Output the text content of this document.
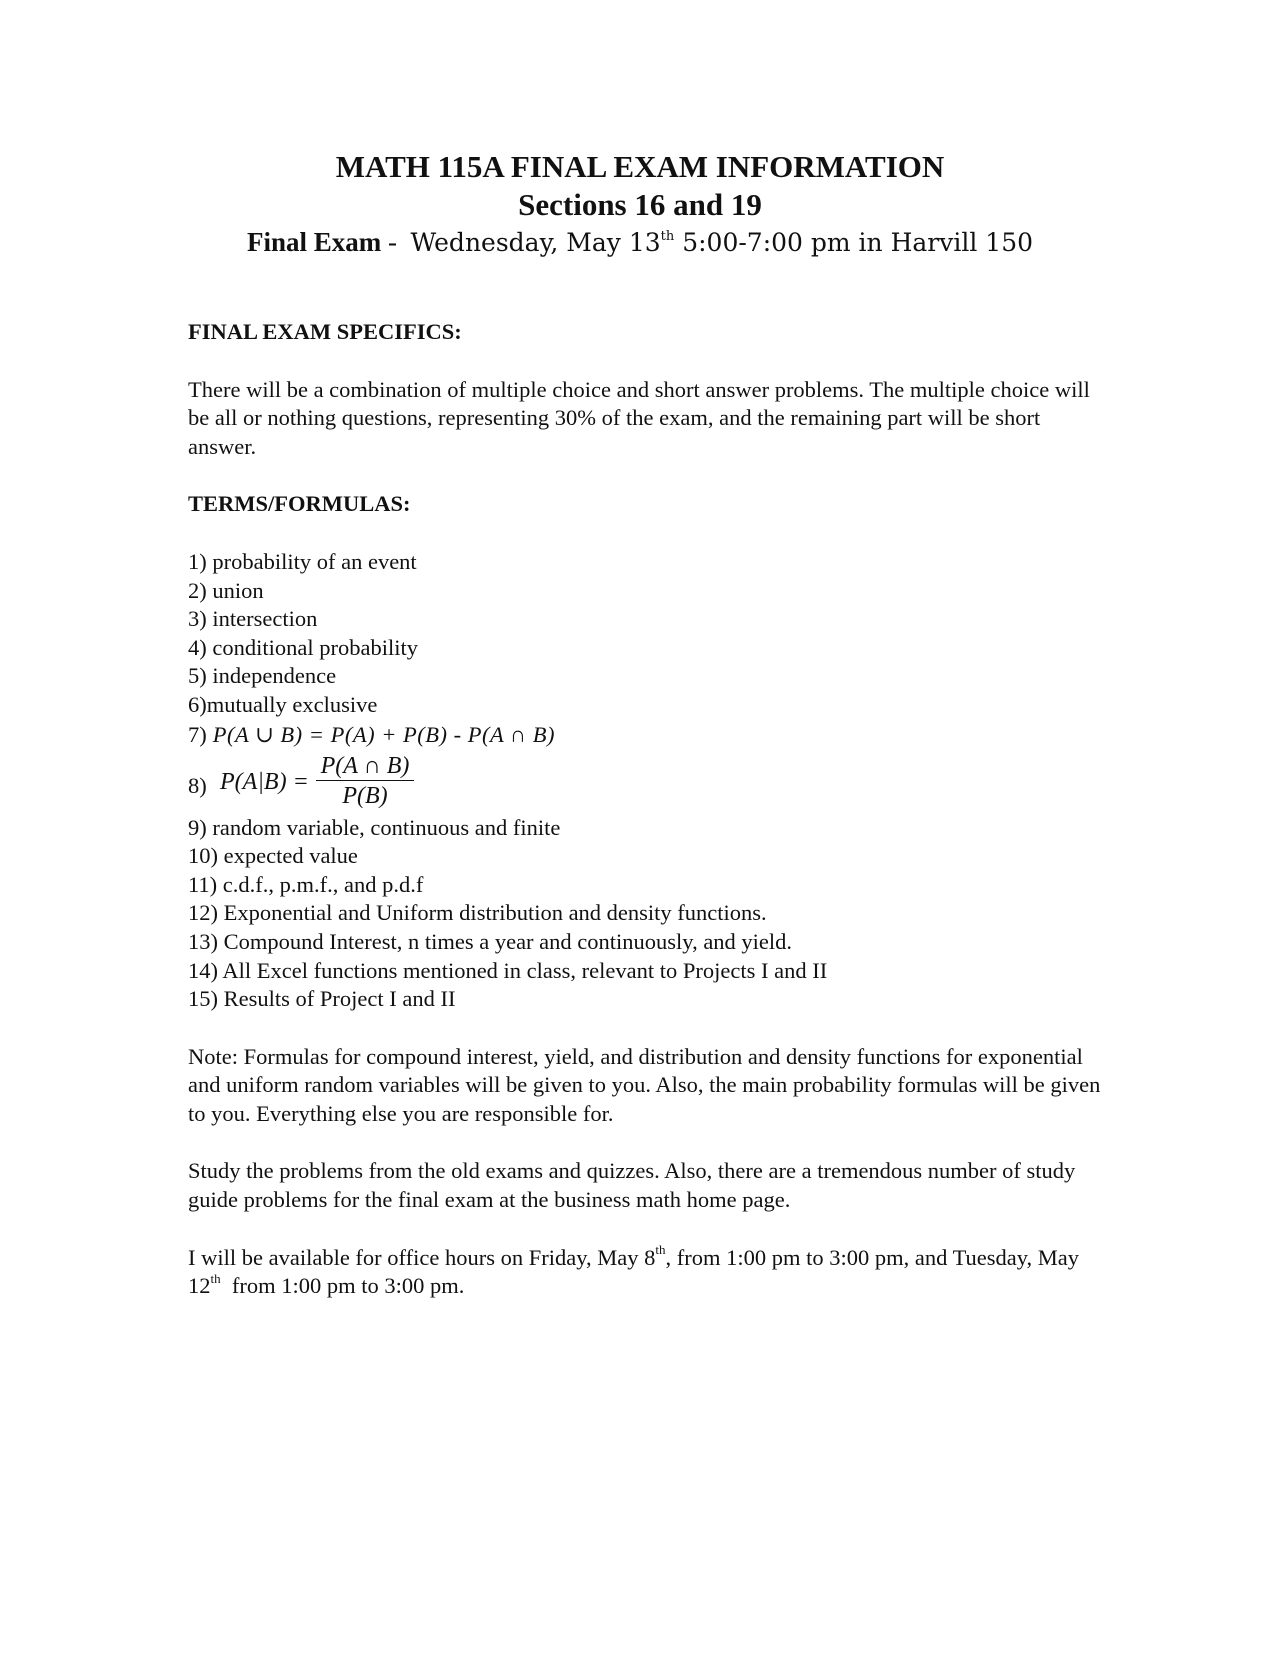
MATH 115A FINAL EXAM INFORMATION

Sections 16 and 19

Final Exam -  Wednesday, May 13th 5:00-7:00 pm in Harvill 150

FINAL EXAM SPECIFICS:

There will be a combination of multiple choice and short answer problems. The multiple choice will be all or nothing questions, representing 30% of the exam, and the remaining part will be short answer.

TERMS/FORMULAS:

1) probability of an event

2) union

3) intersection

4) conditional probability

5) independence

6)mutually exclusive

7) P(A ∪ B) = P(A) + P(B) - P(A ∩ B)

8) P(A|B) =
P(A ∩ B)
P(B)

9) random variable, continuous and finite

10) expected value

11) c.d.f., p.m.f., and p.d.f

12) Exponential and Uniform distribution and density functions.

13) Compound Interest, n times a year and continuously, and yield.

14) All Excel functions mentioned in class, relevant to Projects I and II

15) Results of Project I and II

Note: Formulas for compound interest, yield, and distribution and density functions for exponential and uniform random variables will be given to you. Also, the main probability formulas will be given to you. Everything else you are responsible for.

Study the problems from the old exams and quizzes. Also, there are a tremendous number of study guide problems for the final exam at the business math home page.

I will be available for office hours on Friday, May 8th, from 1:00 pm to 3:00 pm, and Tuesday, May 12th  from 1:00 pm to 3:00 pm.
